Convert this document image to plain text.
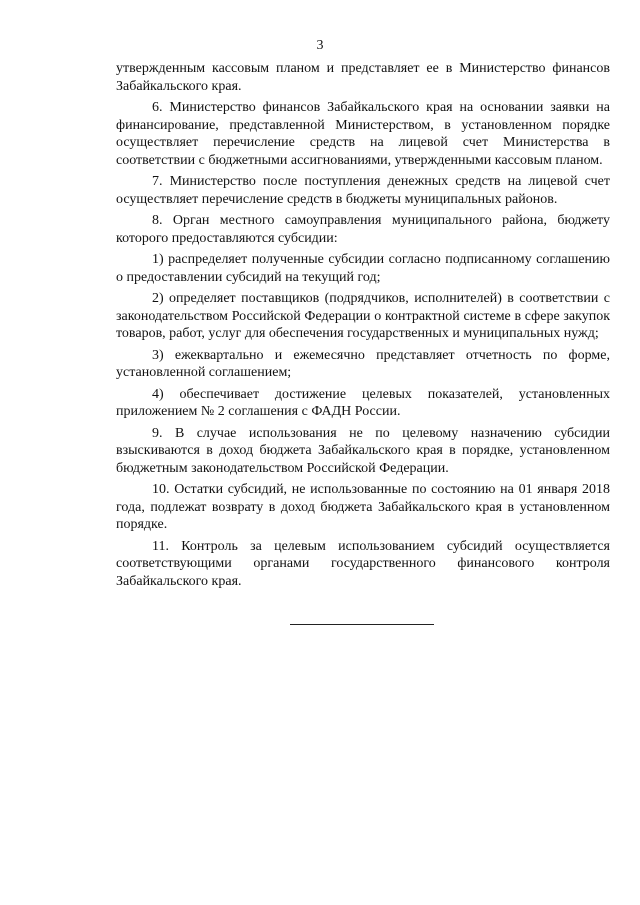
3

утвержденным кассовым планом и представляет ее в Министерство финансов Забайкальского края.

6. Министерство финансов Забайкальского края на основании заявки на финансирование, представленной Министерством, в установленном порядке осуществляет перечисление средств на лицевой счет Министерства в соответствии с бюджетными ассигнованиями, утвержденными кассовым планом.

7. Министерство после поступления денежных средств на лицевой счет осуществляет перечисление средств в бюджеты муниципальных районов.

8. Орган местного самоуправления муниципального района, бюджету которого предоставляются субсидии:

1) распределяет полученные субсидии согласно подписанному соглашению о предоставлении субсидий на текущий год;

2) определяет поставщиков (подрядчиков, исполнителей) в соответствии с законодательством Российской Федерации о контрактной системе в сфере закупок товаров, работ, услуг для обеспечения государственных и муниципальных нужд;

3) ежеквартально и ежемесячно представляет отчетность по форме, установленной соглашением;

4) обеспечивает достижение целевых показателей, установленных приложением № 2 соглашения с ФАДН России.

9. В случае использования не по целевому назначению субсидии взыскиваются в доход бюджета Забайкальского края в порядке, установленном бюджетным законодательством Российской Федерации.

10. Остатки субсидий, не использованные по состоянию на 01 января 2018 года, подлежат возврату в доход бюджета Забайкальского края в установленном порядке.

11. Контроль за целевым использованием субсидий осуществляется соответствующими органами государственного финансового контроля Забайкальского края.
